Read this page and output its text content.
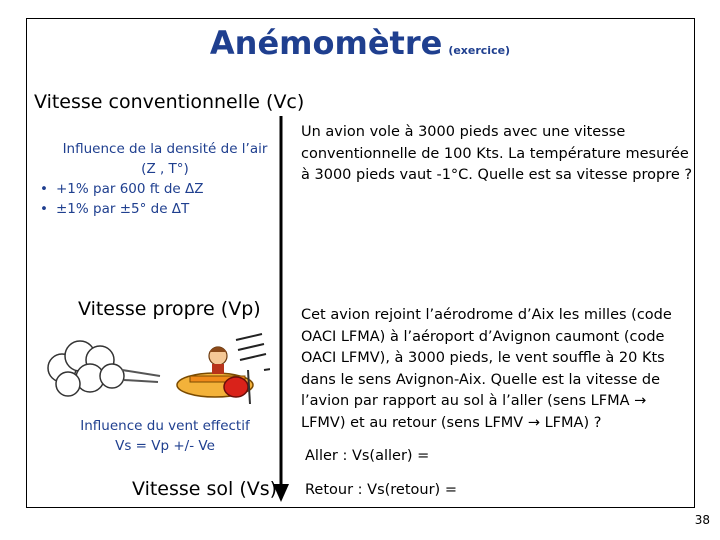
Anémomètre (exercice)
Vitesse conventionnelle (Vc)
Influence de la densité de l’air
(Z , T°)
• +1% par 600 ft de ΔZ
• ±1% par ±5° de ΔT
Vitesse propre (Vp)
Influence du vent effectif
Vs = Vp +/- Ve
Vitesse sol (Vs)
Un avion vole à 3000 pieds avec une vitesse conventionnelle de 100 Kts. La température mesurée à 3000 pieds vaut -1°C. Quelle est sa vitesse propre ?
Cet avion rejoint l’aérodrome d’Aix les milles (code OACI LFMA) à l’aéroport d’Avignon caumont (code OACI LFMV), à 3000 pieds, le vent souffle à 20 Kts dans le sens Avignon-Aix. Quelle est la vitesse de l’avion par rapport au sol à l’aller (sens LFMA → LFMV) et au retour (sens LFMV → LFMA) ?
Aller : Vs(aller) =
Retour : Vs(retour) =
38
